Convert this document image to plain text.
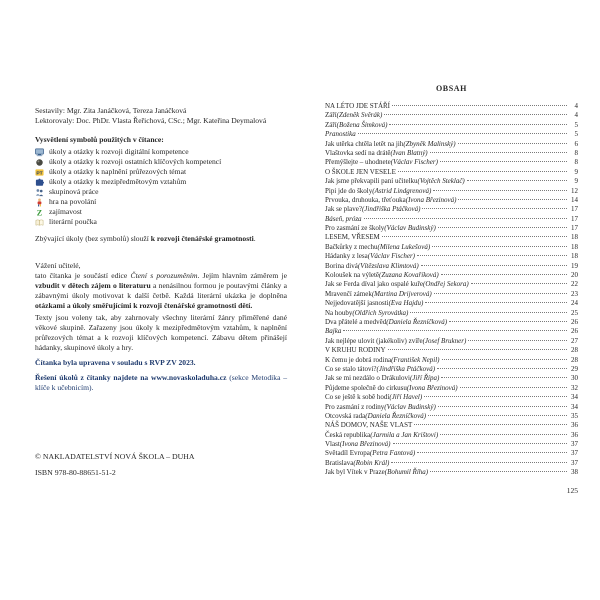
Sestavily: Mgr. Zita Janáčková, Tereza Janáčková
Lektorovaly: Doc. PhDr. Vlasta Řeřichová, CSc.; Mgr. Kateřina Deymalová
Vysvětlení symbolů použitých v čítance:
úkoly a otázky k rozvoji digitální kompetence
úkoly a otázky k rozvoji ostatních klíčových kompetencí
PT úkoly a otázky k naplnění průřezových témat
úkoly a otázky k mezipředmětovým vztahům
skupinová práce
hra na povolání
Z zajímavost
literární poučka
Zbývající úkoly (bez symbolů) slouží k rozvoji čtenářské gramotnosti.
Vážení učitelé,
tato čítanka je součástí edice Čtení s porozuměním. Jejím hlavním záměrem je vzbudit v dětech zájem o literaturu a nenásilnou formou je poutavými články a zábavnými úkoly motivovat k další četbě. Každá literární ukázka je doplněna otázkami a úkoly směřujícími k rozvoji čtenářské gramotnosti dětí.
Texty jsou voleny tak, aby zahrnovaly všechny literární žánry přiměřené dané věkové skupině. Zařazeny jsou úkoly k mezipředmětovým vztahům, k naplnění průřezových témat a k rozvoji klíčových kompetencí. Zábavu dětem přinášejí hádanky, skupinové úkoly a hry.
Čítanka byla upravena v souladu s RVP ZV 2023.
Řešení úkolů z čítanky najdete na www.novaskoladuha.cz (sekce Metodika – klíče k učebnicím).
© NAKLADATELSTVÍ NOVÁ ŠKOLA – DUHA
ISBN 978-80-88651-51-2
OBSAH
NA LÉTO JDE STÁŘÍ	4
Září (Zdeněk Svěrák)	4
Září (Božena Šimková)	5
Pranostika	5
Jak utěrka chtěla letět na jih (Zbyněk Malinský)	6
Vlaštovka sedí na drátě (Ivan Blatný)	8
Přemýšlejte – uhodnete (Václav Fischer)	8
O ŠKOLE JEN VESELE	9
Jak jsme překvapili paní učitelku (Vojtěch Steklač)	9
Pipi jde do školy (Astrid Lindgrenová)	12
Prvouka, druhouka, třeťouka (Ivona Březinová)	14
Jak se plave? (Jindřiška Ptáčková)	17
Báseň, próza	17
Pro zasmání ze školy (Václav Budinský)	17
LESEM, VŘESEM	18
Bačkůrky z mechu (Milena Lukešová)	18
Hádanky z lesa (Václav Fischer)	18
Borina divá (Vítězslava Klimtová)	19
Koloušek na výletě (Zuzana Kovaříková)	20
Jak se Ferda díval jako ospalé kuře (Ondřej Sekora)	22
Mravenčí zámek (Martina Drijverová)	23
Nejjedovatější jasnosti (Eva Hajdu)	24
Na houby (Oldřich Syrovátka)	25
Dva přátelé a medvěd (Daniela Řezníčková)	26
Bajka	26
Jak nejlépe ulovit (jakékoliv) zvíře (Josef Brukner)	27
V KRUHU RODINY	28
K čemu je dobrá rodina (František Nepil)	28
Co se stalo tátovi? (Jindřiška Ptáčková)	29
Jak se mi nezdálo o Drákulovi (Jiří Řípa)	30
Půjdeme společně do cirkusu (Ivona Březinová)	32
Co se ještě k sobě hodí (Jiří Havel)	34
Pro zasmání z rodiny (Václav Budinský)	34
Otcovská rada (Daniela Řezníčková)	35
NÁŠ DOMOV, NAŠE VLAST	36
Česká republika (Jarmila a Jan Krištovi)	36
Vlast (Ivona Březinová)	37
Světadíl Evropa (Petra Fantová)	37
Bratislava (Robin Král)	37
Jak byl Vítek v Praze (Bohumil Říha)	38
125
